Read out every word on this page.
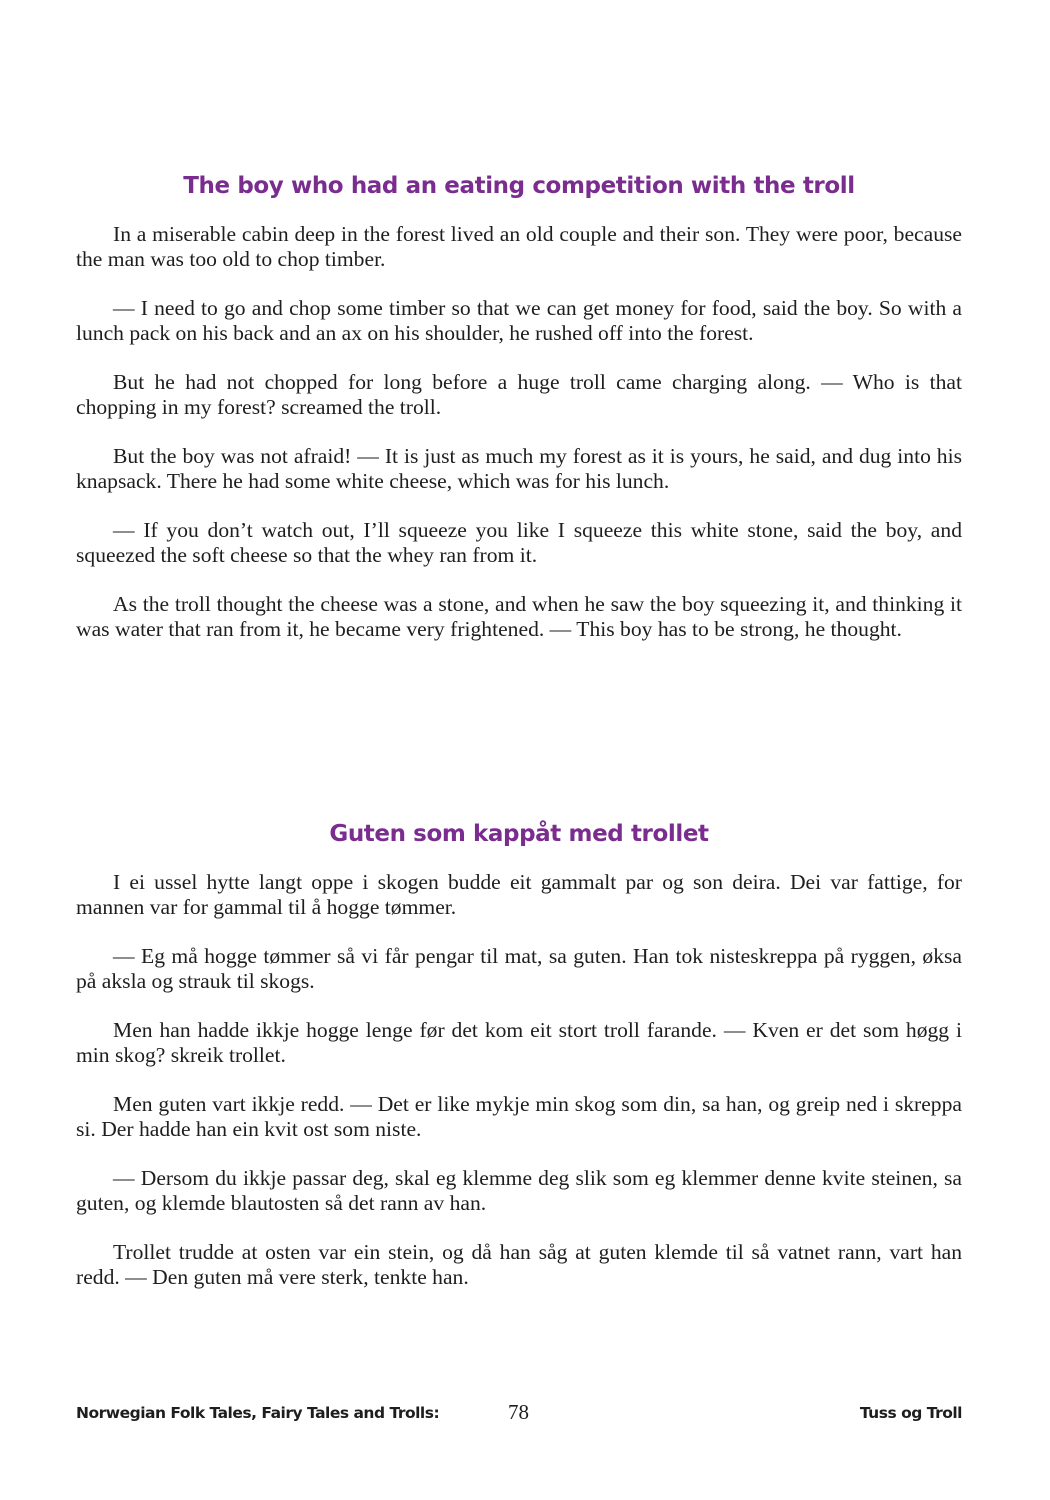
The boy who had an eating competition with the troll

In a miserable cabin deep in the forest lived an old couple and their son. They were poor, because the man was too old to chop timber.

— I need to go and chop some timber so that we can get money for food, said the boy. So with a lunch pack on his back and an ax on his shoulder, he rushed off into the forest.

But he had not chopped for long before a huge troll came charging along. — Who is that chopping in my forest? screamed the troll.

But the boy was not afraid! — It is just as much my forest as it is yours, he said, and dug into his knapsack. There he had some white cheese, which was for his lunch.

— If you don’t watch out, I’ll squeeze you like I squeeze this white stone, said the boy, and squeezed the soft cheese so that the whey ran from it.

As the troll thought the cheese was a stone, and when he saw the boy squeezing it, and thinking it was water that ran from it, he became very frightened. — This boy has to be strong, he thought.

Guten som kappåt med trollet

I ei ussel hytte langt oppe i skogen budde eit gammalt par og son deira. Dei var fattige, for mannen var for gammal til å hogge tømmer.

— Eg må hogge tømmer så vi får pengar til mat, sa guten. Han tok nisteskreppa på ryggen, øksa på aksla og strauk til skogs.

Men han hadde ikkje hogge lenge før det kom eit stort troll farande. — Kven er det som høgg i min skog? skreik trollet.

Men guten vart ikkje redd. — Det er like mykje min skog som din, sa han, og greip ned i skreppa si. Der hadde han ein kvit ost som niste.

— Dersom du ikkje passar deg, skal eg klemme deg slik som eg klemmer denne kvite steinen, sa guten, og klemde blautosten så det rann av han.

Trollet trudde at osten var ein stein, og då han såg at guten klemde til så vatnet rann, vart han redd. — Den guten må vere sterk, tenkte han.

Norwegian Folk Tales, Fairy Tales and Trolls:	78	Tuss og Troll
